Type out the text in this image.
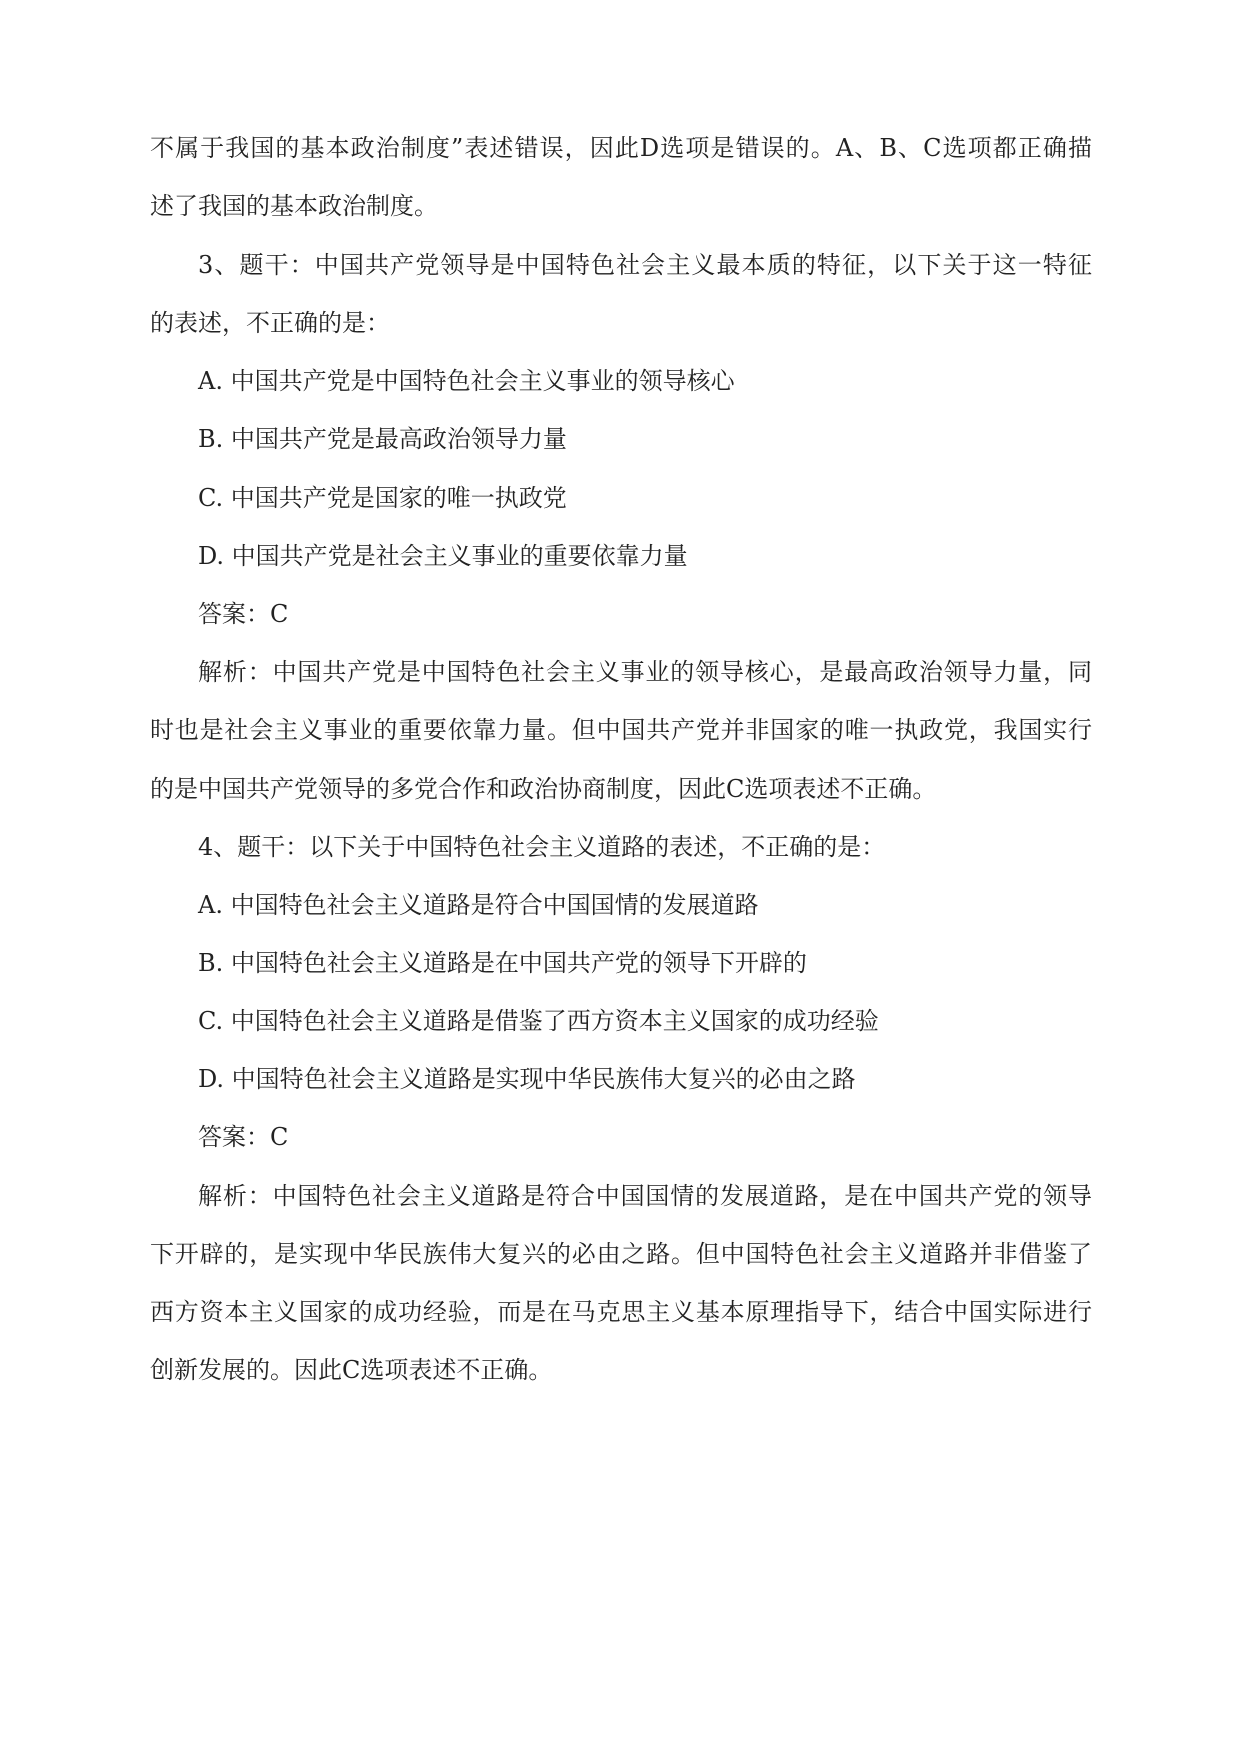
不属于我国的基本政治制度”表述错误，因此D选项是错误的。A、B、C选项都正确描
述了我国的基本政治制度。
3、题干：中国共产党领导是中国特色社会主义最本质的特征，以下关于这一特征
的表述，不正确的是：
A. 中国共产党是中国特色社会主义事业的领导核心
B. 中国共产党是最高政治领导力量
C. 中国共产党是国家的唯一执政党
D. 中国共产党是社会主义事业的重要依靠力量
答案：C
解析：中国共产党是中国特色社会主义事业的领导核心，是最高政治领导力量，同
时也是社会主义事业的重要依靠力量。但中国共产党并非国家的唯一执政党，我国实行
的是中国共产党领导的多党合作和政治协商制度，因此C选项表述不正确。
4、题干：以下关于中国特色社会主义道路的表述，不正确的是：
A. 中国特色社会主义道路是符合中国国情的发展道路
B. 中国特色社会主义道路是在中国共产党的领导下开辟的
C. 中国特色社会主义道路是借鉴了西方资本主义国家的成功经验
D. 中国特色社会主义道路是实现中华民族伟大复兴的必由之路
答案：C
解析：中国特色社会主义道路是符合中国国情的发展道路，是在中国共产党的领导
下开辟的，是实现中华民族伟大复兴的必由之路。但中国特色社会主义道路并非借鉴了
西方资本主义国家的成功经验，而是在马克思主义基本原理指导下，结合中国实际进行
创新发展的。因此C选项表述不正确。
